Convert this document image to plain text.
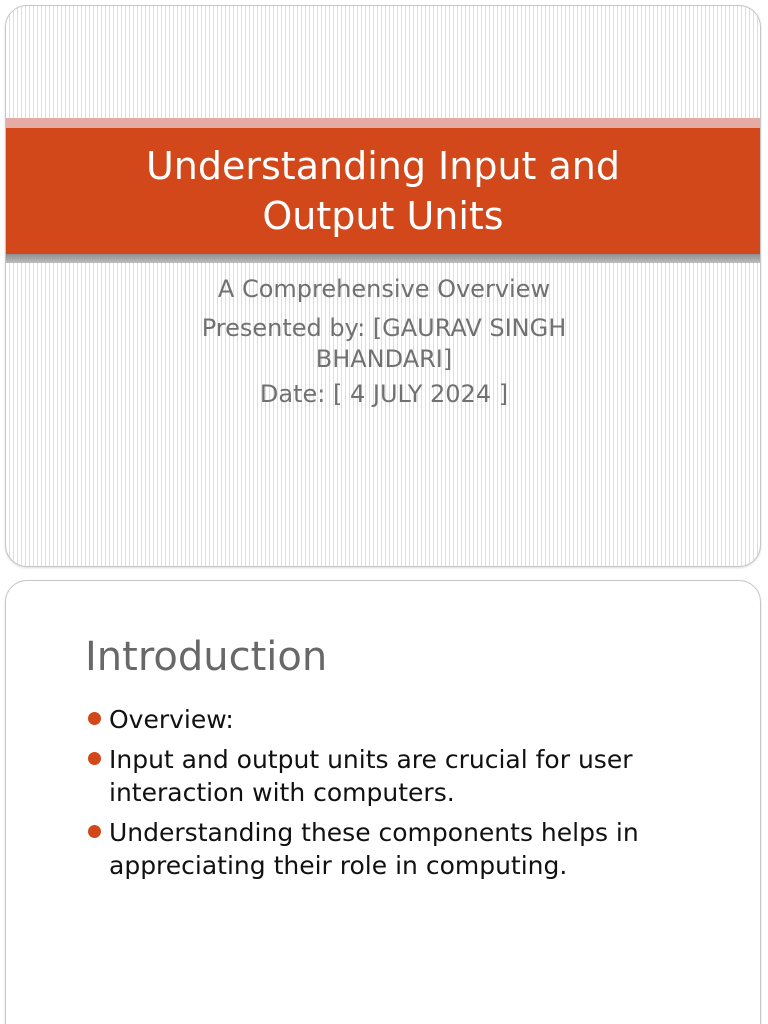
Understanding Input and Output Units
A Comprehensive Overview
Presented by: [GAURAV SINGH BHANDARI]
Date: [ 4 JULY 2024 ]
Introduction
Overview:
Input and output units are crucial for user interaction with computers.
Understanding these components helps in appreciating their role in computing.
